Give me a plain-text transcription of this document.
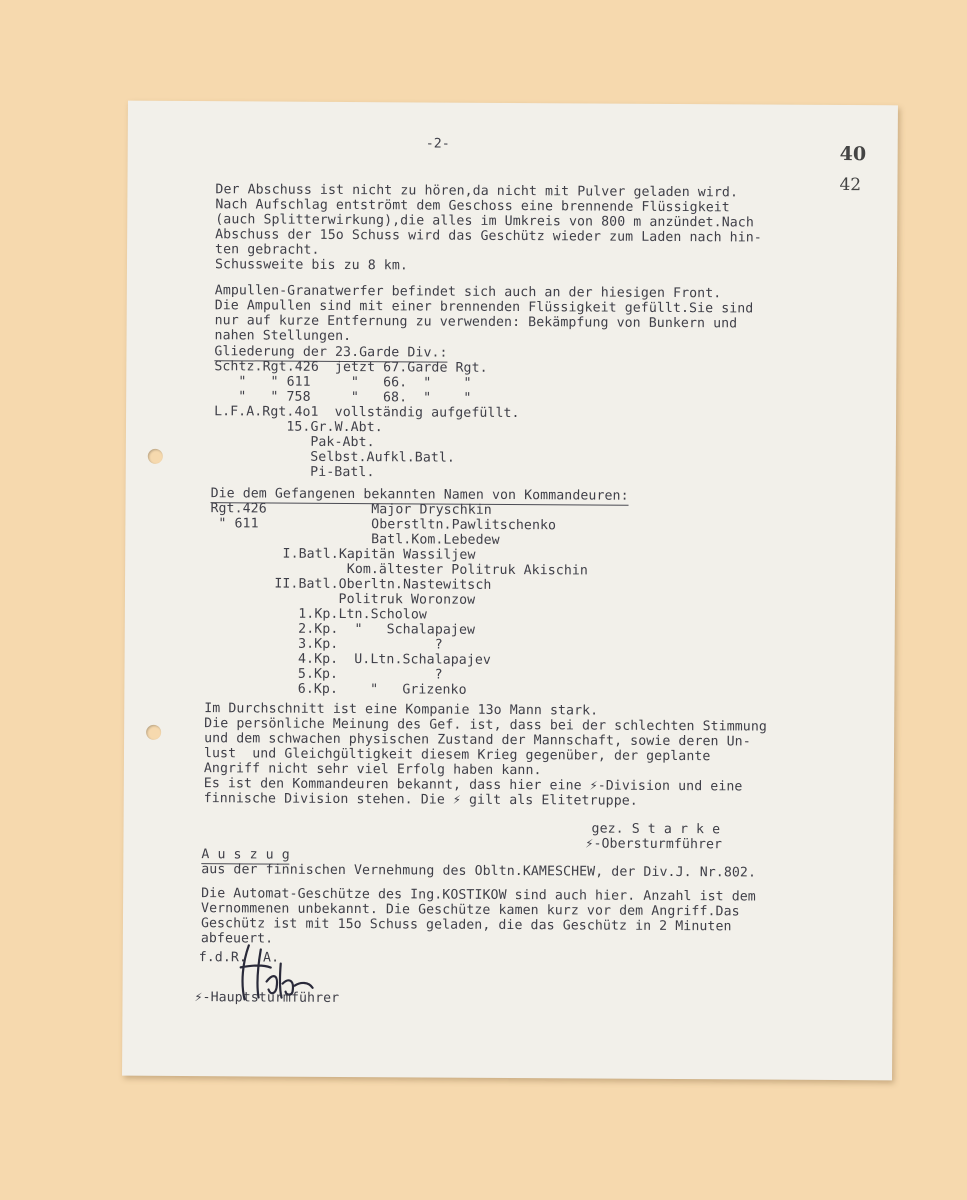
-2-	40
42
Der Abschuss ist nicht zu hören,da nicht mit Pulver geladen wird.
Nach Aufschlag entströmt dem Geschoss eine brennende Flüssigkeit
(auch Splitterwirkung),die alles im Umkreis von 800 m anzündet.Nach
Abschuss der 15o Schuss wird das Geschütz wieder zum Laden nach hin-
ten gebracht.
Schussweite bis zu 8 km.
Ampullen-Granatwerfer befindet sich auch an der hiesigen Front.
Die Ampullen sind mit einer brennenden Flüssigkeit gefüllt.Sie sind
nur auf kurze Entfernung zu verwenden: Bekämpfung von Bunkern und
nahen Stellungen.
Gliederung der 23.Garde Div.:
Schtz.Rgt.426  jetzt 67.Garde Rgt.
"   " 611     "   66.  "    "
"   " 758     "   68.  "    "
L.F.A.Rgt.4o1  vollständig aufgefüllt.
15.Gr.W.Abt.
Pak-Abt.
Selbst.Aufkl.Batl.
Pi-Batl.
Die dem Gefangenen bekannten Namen von Kommandeuren:
Rgt.426             Major Dryschkin
" 611              Oberstltn.Pawlitschenko
Batl.Kom.Lebedew
I.Batl.Kapitän Wassiljew
Kom.ältester Politruk Akischin
II.Batl.Oberltn.Nastewitsch
Politruk Woronzow
1.Kp.Ltn.Scholow
2.Kp.  "   Schalapajew
3.Kp.            ?
4.Kp.  U.Ltn.Schalapajev
5.Kp.            ?
6.Kp.    "   Grizenko
Im Durchschnitt ist eine Kompanie 13o Mann stark.
Die persönliche Meinung des Gef. ist, dass bei der schlechten Stimmung
und dem schwachen physischen Zustand der Mannschaft, sowie deren Un-
lust  und Gleichgültigkeit diesem Krieg gegenüber, der geplante
Angriff nicht sehr viel Erfolg haben kann.
Es ist den Kommandeuren bekannt, dass hier eine ⚡-Division und eine
finnische Division stehen. Die ⚡ gilt als Elitetruppe.
gez. S t a r k e
⚡-Obersturmführer
A u s z u g
aus der finnischen Vernehmung des Obltn.KAMESCHEW, der Div.J. Nr.802.
Die Automat-Geschütze des Ing.KOSTIKOW sind auch hier. Anzahl ist dem
Vernommenen unbekannt. Die Geschütze kamen kurz vor dem Angriff.Das
Geschütz ist mit 15o Schuss geladen, die das Geschütz in 2 Minuten
abfeuert.
f.d.R. .A.
⚡-Hauptsturmführer
